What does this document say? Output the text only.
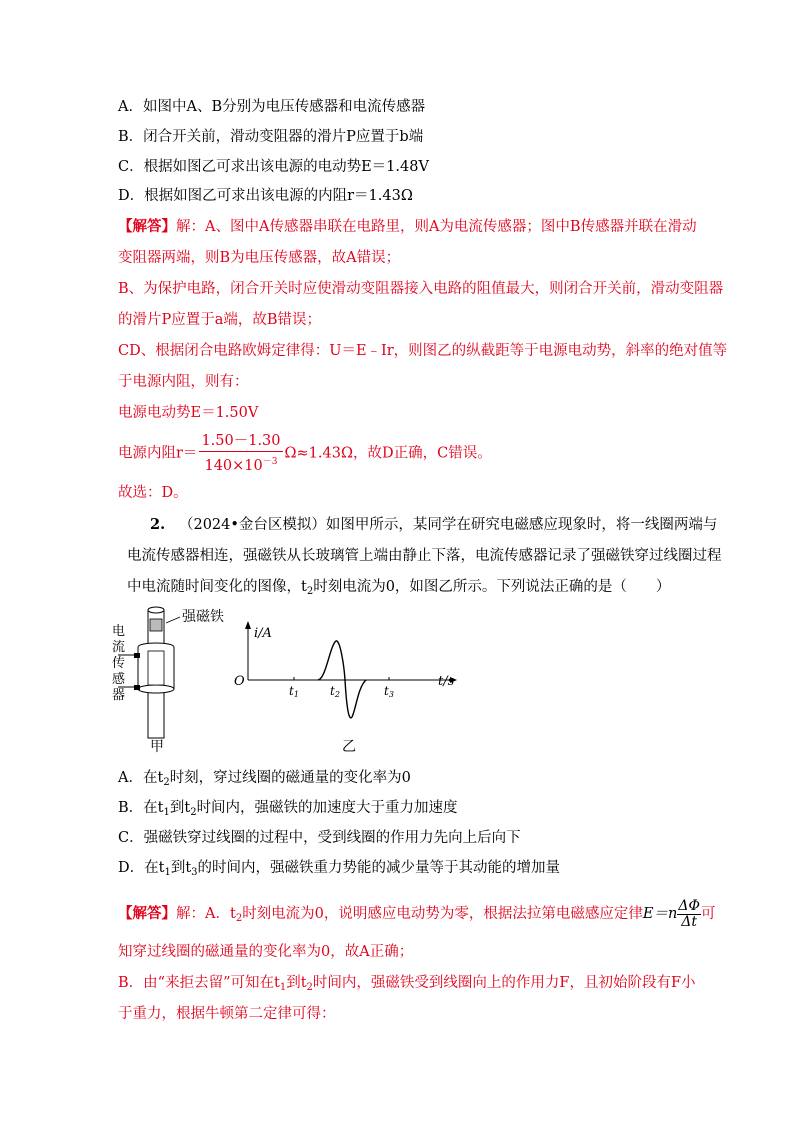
A．如图中A、B分别为电压传感器和电流传感器
B．闭合开关前，滑动变阻器的滑片P应置于b端
C．根据如图乙可求出该电源的电动势E＝1.48V
D．根据如图乙可求出该电源的内阻r＝1.43Ω
【解答】解：A、图中A传感器串联在电路里，则A为电流传感器；图中B传感器并联在滑动
变阻器两端，则B为电压传感器，故A错误；
B、为保护电路，闭合开关时应使滑动变阻器接入电路的阻值最大，则闭合开关前，滑动变阻器
的滑片P应置于a端，故B错误；
CD、根据闭合电路欧姆定律得：U＝E﹣Ir，则图乙的纵截距等于电源电动势，斜率的绝对值等
于电源内阻，则有：
电源电动势E＝1.50V
电源内阻$r= \frac{1.50-1.30}{140\times 10^{-3}} \Omega\approx 1.43\Omega$，故D正确，C错误。
故选：D。
2. （2024•金台区模拟）如图甲所示，某同学在研究电磁感应现象时，将一线圈两端与
电流传感器相连，强磁铁从长玻璃管上端由静止下落，电流传感器记录了强磁铁穿过线圈过程
中电流随时间变化的图像，$t_2$时刻电流为0，如图乙所示。下列说法正确的是（　　）
强磁铁
电
流
传
感
器
甲
i/A
t/s
O
t1	t2	t3
乙
A．在$t_2$时刻，穿过线圈的磁通量的变化率为0
B．在$t_1$到$t_2$时间内，强磁铁的加速度大于重力加速度
C．强磁铁穿过线圈的过程中，受到线圈的作用力先向上后向下
D．在$t_1$到$t_3$的时间内，强磁铁重力势能的减少量等于其动能的增加量
【解答】解：A．$t_2$时刻电流为0，说明感应电动势为零，根据法拉第电磁感应定律$E=n \frac{\Delta\Phi}{\Delta t}$ 可
知穿过线圈的磁通量的变化率为0，故A正确；
B．由“来拒去留”可知在$t_1$到$t_2$时间内，强磁铁受到线圈向上的作用力F，且初始阶段有F小
于重力，根据牛顿第二定律可得：
